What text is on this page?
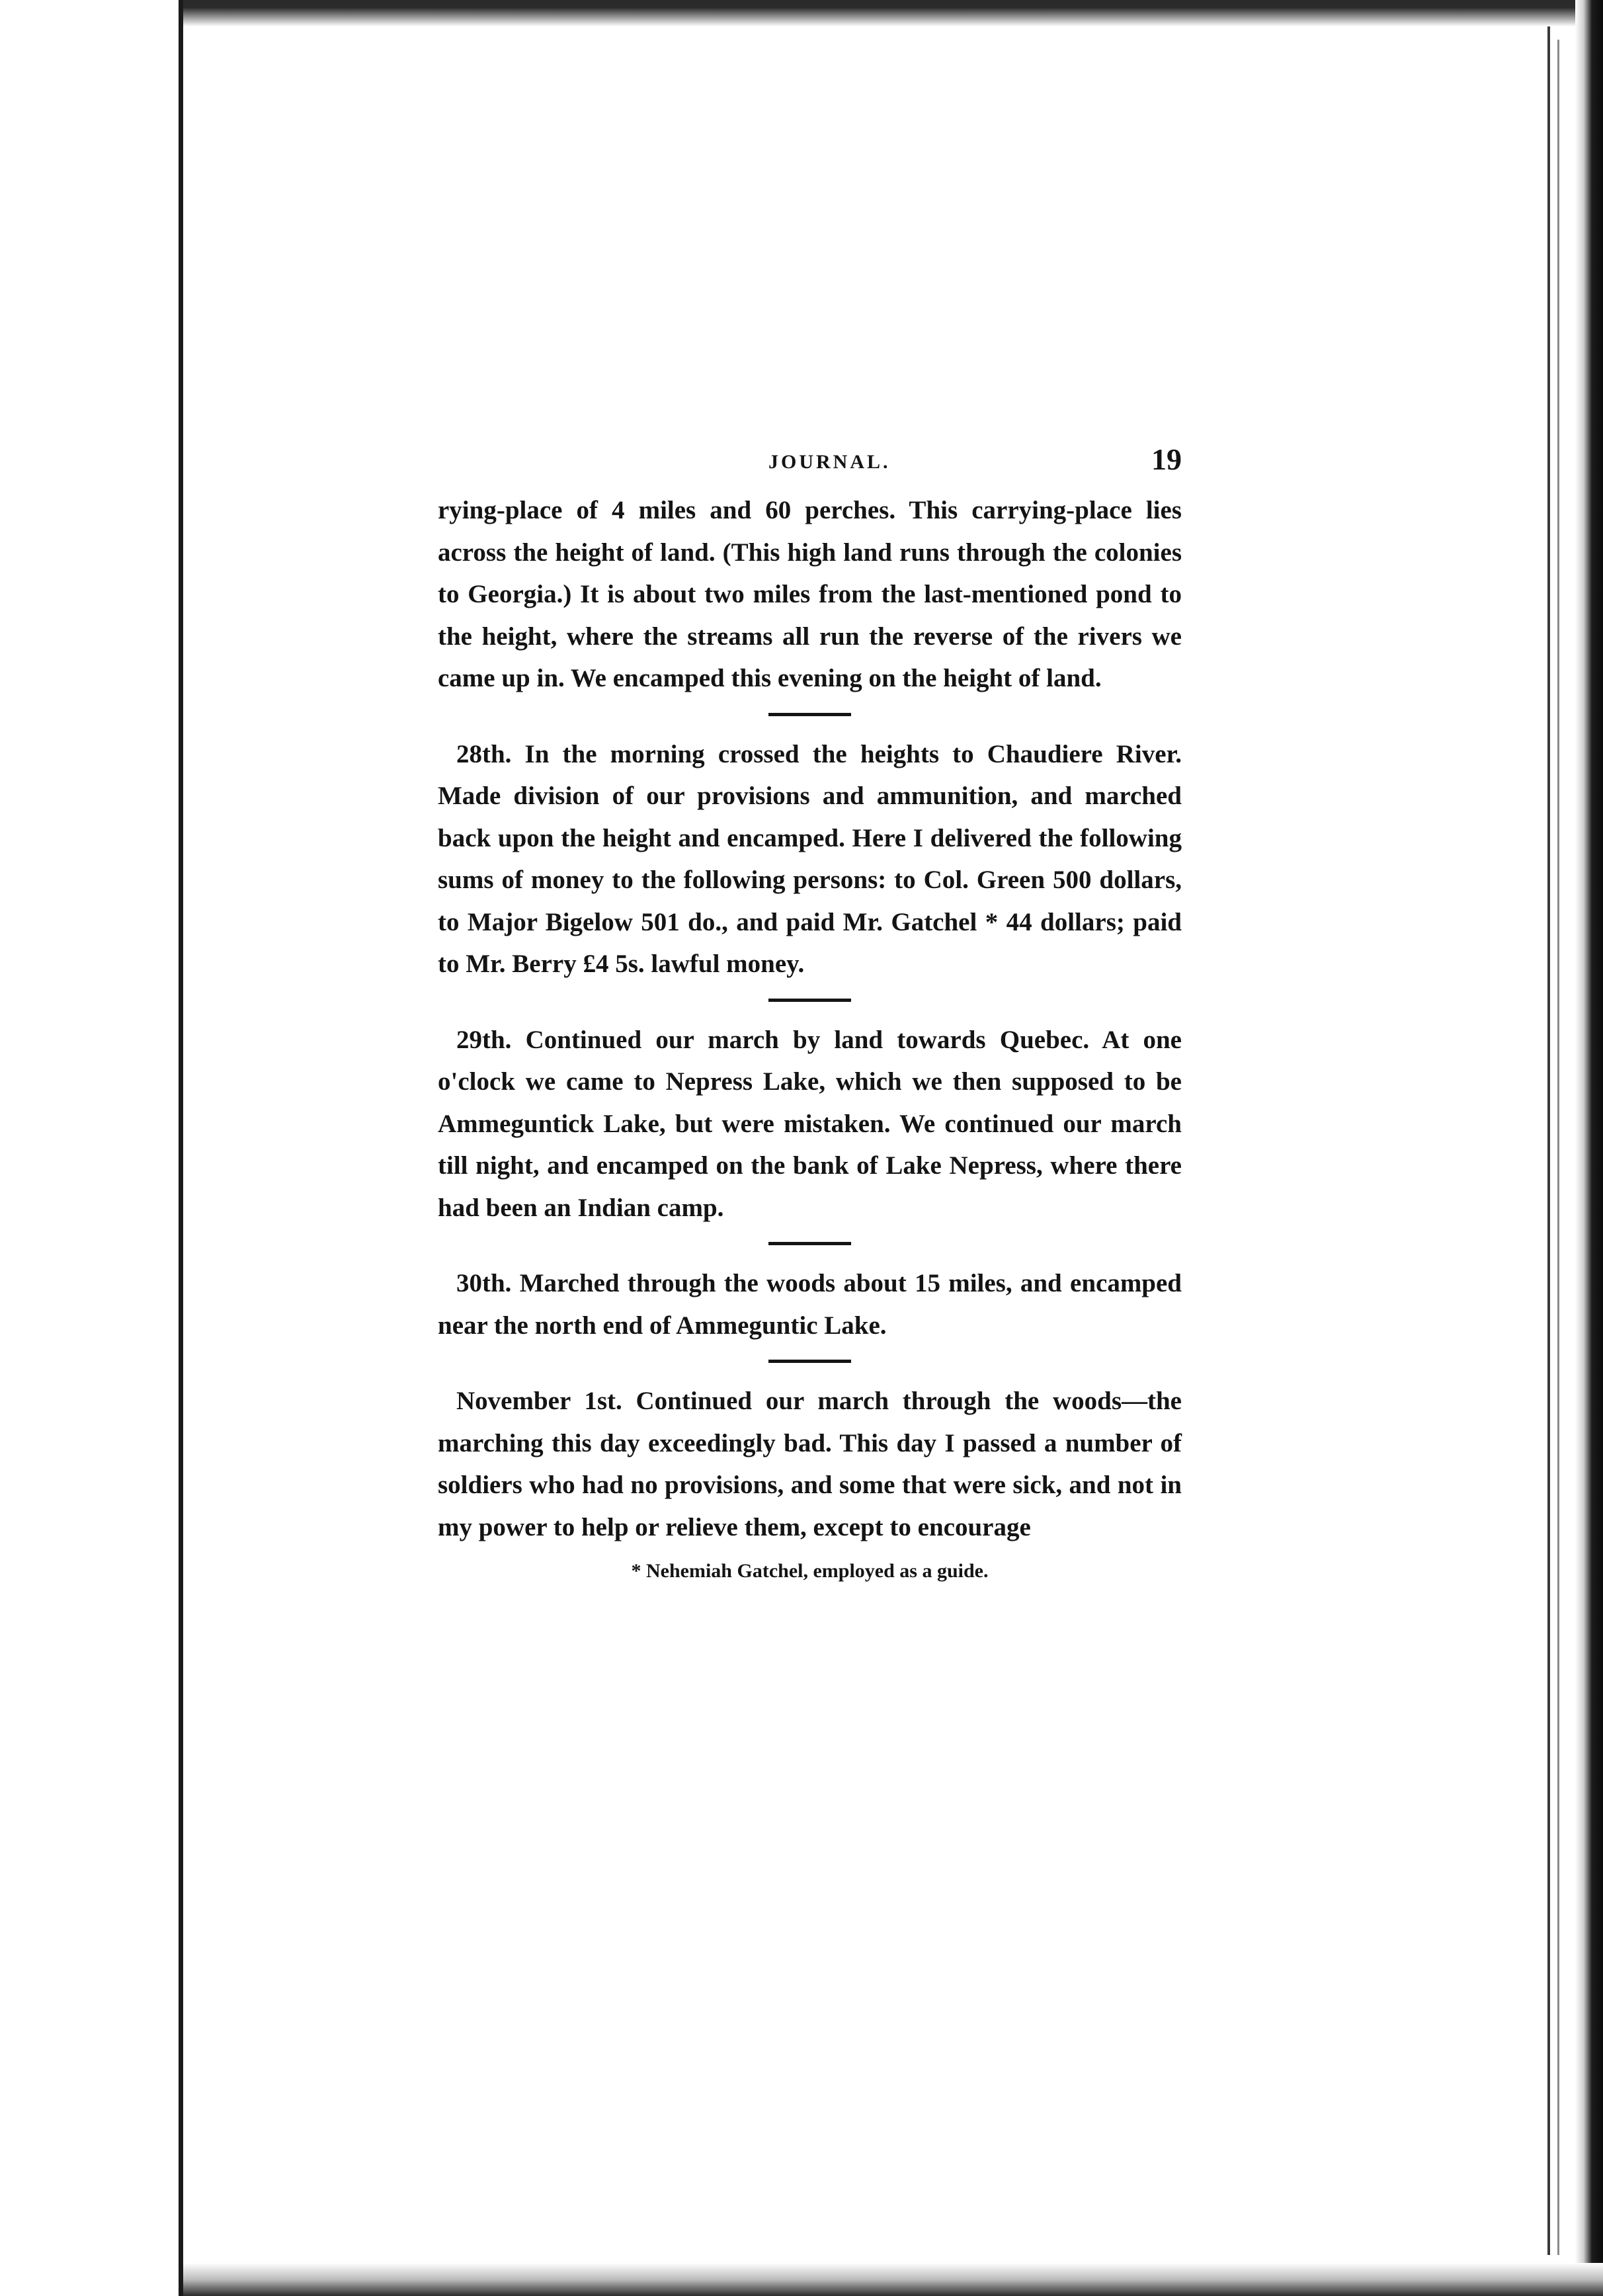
JOURNAL.	19

rying-place of 4 miles and 60 perches. This carrying-place lies across the height of land. (This high land runs through the colonies to Georgia.) It is about two miles from the last-mentioned pond to the height, where the streams all run the reverse of the rivers we came up in. We encamped this evening on the height of land.

28th. In the morning crossed the heights to Chaudiere River. Made division of our provisions and ammunition, and marched back upon the height and encamped. Here I delivered the following sums of money to the following persons: to Col. Green 500 dollars, to Major Bigelow 501 do., and paid Mr. Gatchel * 44 dollars; paid to Mr. Berry £4 5s. lawful money.

29th. Continued our march by land towards Quebec. At one o'clock we came to Nepress Lake, which we then supposed to be Ammeguntick Lake, but were mistaken. We continued our march till night, and encamped on the bank of Lake Nepress, where there had been an Indian camp.

30th. Marched through the woods about 15 miles, and encamped near the north end of Ammeguntic Lake.

November 1st. Continued our march through the woods—the marching this day exceedingly bad. This day I passed a number of soldiers who had no provisions, and some that were sick, and not in my power to help or relieve them, except to encourage

* Nehemiah Gatchel, employed as a guide.
